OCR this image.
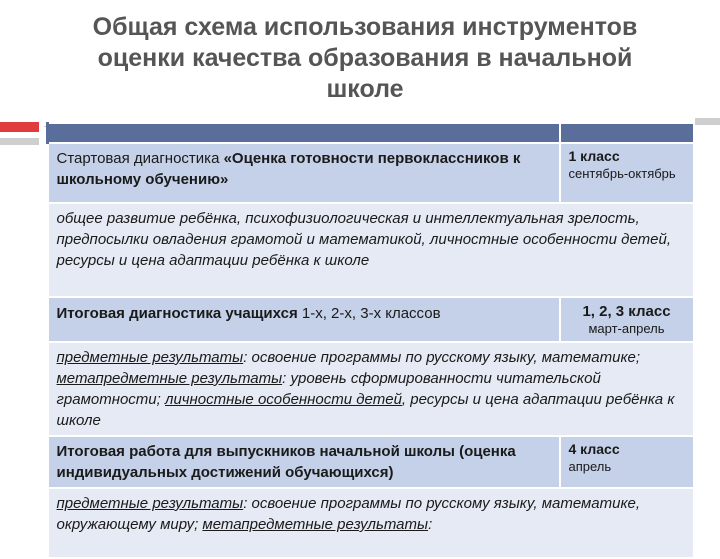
Общая схема использования инструментов
оценки качества образования в начальной
школе

Стартовая диагностика «Оценка готовности первоклассников к школьному обучению»	1 класс
сентябрь-октябрь
общее развитие ребёнка, психофизиологическая и интеллектуальная зрелость, предпосылки овладения грамотой и математикой, личностные особенности детей, ресурсы и цена адаптации ребёнка к школе	
Итоговая диагностика учащихся 1-х, 2-х, 3-х классов	1, 2, 3 класс
март-апрель
предметные результаты: освоение программы по русскому языку, математике; метапредметные результаты: уровень сформированности читательской грамотности; личностные особенности детей, ресурсы и цена адаптации ребёнка к школе	
Итоговая работа для выпускников начальной школы (оценка индивидуальных достижений обучающихся)	4 класс
апрель
предметные результаты: освоение программы по русскому языку, математике, окружающему миру; метапредметные результаты:	
